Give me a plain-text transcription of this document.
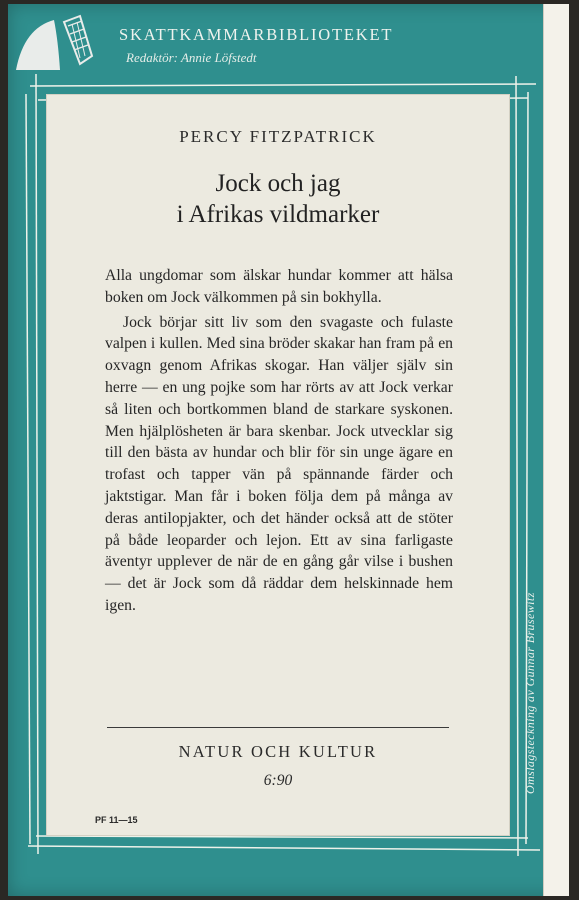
SKATTKAMMARBIBLIOTEKET
Redaktör: Annie Löfstedt
PERCY FITZPATRICK
Jock och jag
i Afrikas vildmarker

Alla ungdomar som älskar hundar kommer att hälsa boken om Jock välkommen på sin bokhylla.

Jock börjar sitt liv som den svagaste och fulaste valpen i kullen. Med sina bröder skakar han fram på en oxvagn genom Afrikas skogar. Han väljer själv sin herre — en ung pojke som har rörts av att Jock verkar så liten och bortkommen bland de starkare syskonen. Men hjälplösheten är bara skenbar. Jock utvecklar sig till den bästa av hundar och blir för sin unge ägare en trofast och tapper vän på spännande färder och jaktstigar. Man får i boken följa dem på många av deras antilopjakter, och det händer också att de stöter på både leoparder och lejon. Ett av sina farligaste äventyr upplever de när de en gång går vilse i bushen — det är Jock som då räddar dem helskinnade hem igen.

NATUR OCH KULTUR
6:90
PF 11—15
Omslagsteckning av Gunnar Brusewitz
